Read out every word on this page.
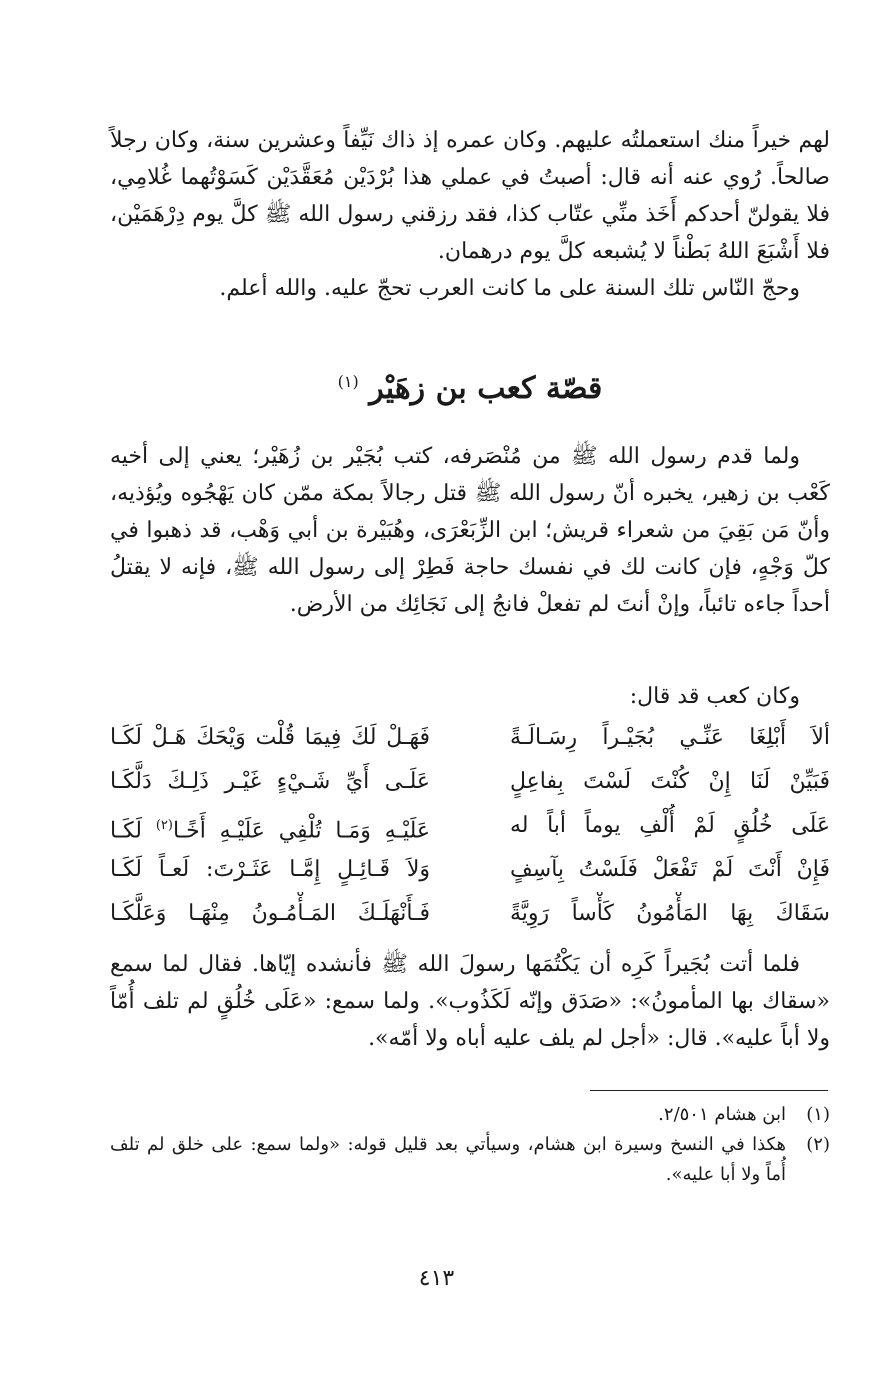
لهم خيراً منك استعملتُه عليهم. وكان عمره إذ ذاك نَيِّفاً وعشرين سنة، وكان رجلاً صالحاً. رُوي عنه أنه قال: أصبتُ في عملي هذا بُرْدَيْن مُعَقَّدَيْن كَسَوْتُهما غُلامِي، فلا يقولنّ أحدكم أَخَذ منِّي عتّاب كذا، فقد رزقني رسول الله ﷺ كلَّ يوم دِرْهَمَيْن، فلا أَشْبَعَ اللهُ بَطْناً لا يُشبعه كلَّ يوم درهمان.

وحجّ النّاس تلك السنة على ما كانت العرب تحجّ عليه. والله أعلم.

قصّة كعب بن زهَيْر $^{(١)}$

ولما قدم رسول الله ﷺ من مُنْصَرفه، كتب بُجَيْر بن زُهَيْر؛ يعني إلى أخيه كَعْب بن زهير، يخبره أنّ رسول الله ﷺ قتل رجالاً بمكة ممّن كان يَهْجُوه ويُؤذيه، وأنّ مَن بَقِيَ من شعراء قريش؛ ابن الزِّبَعْرَى، وهُبَيْرة بن أبي وَهْب، قد ذهبوا في كلّ وَجْهٍ، فإن كانت لك في نفسك حاجة فَطِرْ إلى رسول الله ﷺ، فإنه لا يقتلُ أحداً جاءه تائباً، وإنْ أنتَ لم تفعلْ فانجُ إلى نَجَائِك من الأرض.

وكان كعب قد قال:

ألاَ أَبْلِغَا عَنِّـي بُجَيْـراً رِسَـالَـةً
فَهَـلْ لَكَ فِيمَا قُلْت وَيْحَكَ هَـلْ لَكَـا
فَبَيِّنْ لَنَا إِنْ كُنْتَ لَسْتَ بِفاعِلٍ
عَلَـى أَيِّ شَـيْءٍ غَيْـر ذَلِـكَ دَلَّكَـا
عَلَى خُلُقٍ لَمْ أُلْفِ يوماً أباً له
عَلَيْـهِ وَمَـا تُلْفِي عَلَيْـهِ أَخًـا$^{(٢)}$ لَكَـا
فَإِنْ أَنْتَ لَمْ تَفْعَلْ فَلَسْتُ بِآسِفٍ
وَلاَ قَـائِـلٍ إِمَّـا عَثَـرْتَ: لَعـاً لَكَـا
سَقَاكَ بِهَا المَأْمُونُ كَأْساً رَوِيَّةً
فَـأَنْهَلَـكَ المَـأْمُـونُ مِنْهَـا وَعَلَّكَـا

فلما أتت بُجَيراً كَرِه أن يَكْتُمَها رسولَ الله ﷺ فأنشده إيّاها. فقال لما سمع «سقاك بها المأمونُ»: «صَدَق وإنّه لَكَذُوب». ولما سمع: «عَلَى خُلُقٍ لم تلف أُمّاً ولا أباً عليه». قال: «أجل لم يلف عليه أباه ولا أمّه».

(١)
ابن هشام ٢/٥٠١.
(٢)
هكذا في النسخ وسيرة ابن هشام، وسيأتي بعد قليل قوله: «ولما سمع: على خلق لم تلف أُماً ولا أبا عليه».
٤١٣
